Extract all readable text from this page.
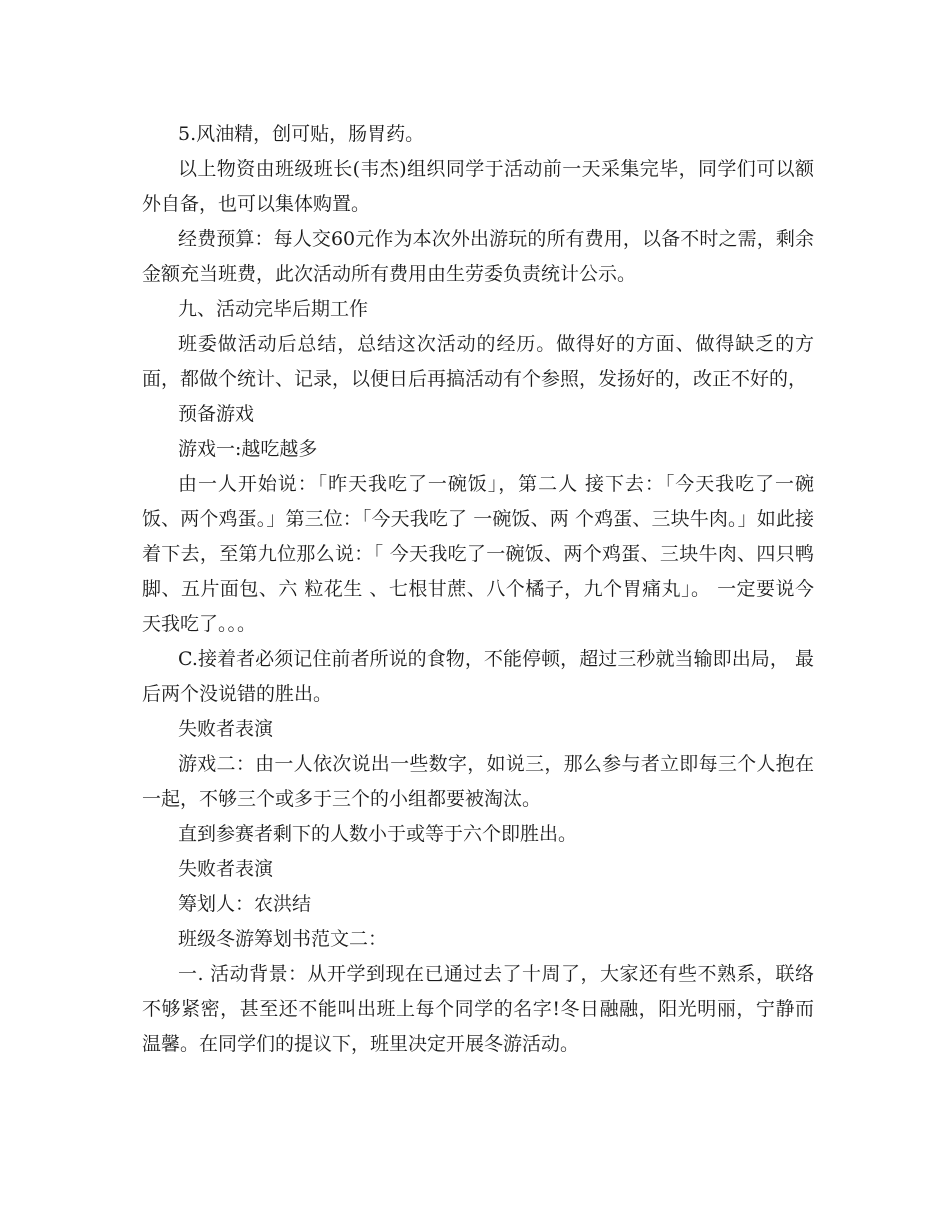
5.风油精，创可贴，肠胃药。

以上物资由班级班长(韦杰)组织同学于活动前一天采集完毕，同学们可以额外自备，也可以集体购置。

经费预算：每人交60元作为本次外出游玩的所有费用，以备不时之需，剩余金额充当班费，此次活动所有费用由生劳委负责统计公示。

九、活动完毕后期工作

班委做活动后总结，总结这次活动的经历。做得好的方面、做得缺乏的方面，都做个统计、记录，以便日后再搞活动有个参照，发扬好的，改正不好的，

预备游戏

游戏一:越吃越多

由一人开始说：「昨天我吃了一碗饭」，第二人 接下去：「今天我吃了一碗饭、两个鸡蛋。」第三位：「今天我吃了 一碗饭、两 个鸡蛋、三块牛肉。」如此接着下去，至第九位那么说：「 今天我吃了一碗饭、两个鸡蛋、三块牛肉、四只鸭脚、五片面包、六 粒花生 、七根甘蔗、八个橘子，九个胃痛丸」。 一定要说今天我吃了。。。

C.接着者必须记住前者所说的食物，不能停顿，超过三秒就当输即出局， 最后两个没说错的胜出。

失败者表演

游戏二：由一人依次说出一些数字，如说三，那么参与者立即每三个人抱在一起，不够三个或多于三个的小组都要被淘汰。

直到参赛者剩下的人数小于或等于六个即胜出。

失败者表演

筹划人：农洪结

班级冬游筹划书范文二：

一. 活动背景：从开学到现在已通过去了十周了，大家还有些不熟系，联络不够紧密，甚至还不能叫出班上每个同学的名字!冬日融融，阳光明丽，宁静而温馨。在同学们的提议下，班里决定开展冬游活动。
